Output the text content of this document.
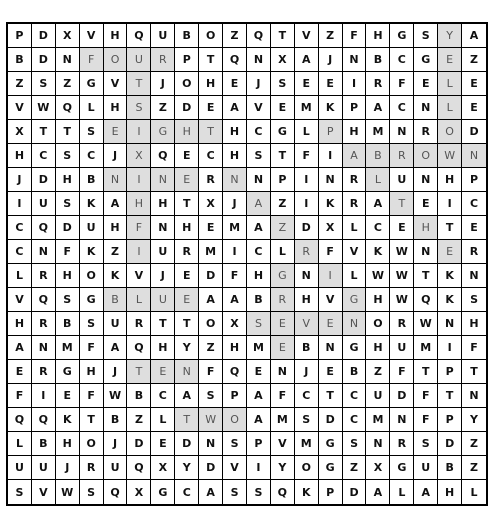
P	D	X	V	H	Q	U	B	O	Z	Q	T	V	Z	F	H	G	S	Y	A
B	D	N	F	O	U	R	P	T	Q	N	X	A	J	N	B	C	G	E	Z
Z	S	Z	G	V	T	J	O	H	E	J	S	E	E	I	R	F	E	L	E
V	W	Q	L	H	S	Z	D	E	A	V	E	M	K	P	A	C	N	L	E
X	T	T	S	E	I	G	H	T	H	C	G	L	P	H	M	N	R	O	D
H	C	S	C	J	X	Q	E	C	H	S	T	F	I	A	B	R	O	W	N
J	D	H	B	N	I	N	E	R	N	N	P	I	N	R	L	U	N	H	P
I	U	S	K	A	H	H	T	X	J	A	Z	I	K	R	A	T	E	I	C
C	Q	D	U	H	F	N	H	E	M	A	Z	D	X	L	C	E	H	T	E
C	N	F	K	Z	I	U	R	M	I	C	L	R	F	V	K	W	N	E	R
L	R	H	O	K	V	J	E	D	F	H	G	N	I	L	W	W	T	K	N
V	Q	S	G	B	L	U	E	A	A	B	R	H	V	G	H	W	Q	K	S
H	R	B	S	U	R	T	T	O	X	S	E	V	E	N	O	R	W	N	H
A	N	M	F	A	Q	H	Y	Z	H	M	E	B	N	G	H	U	M	I	F
E	R	G	H	J	T	E	N	F	Q	E	N	J	E	B	Z	F	T	P	T
F	I	E	F	W	B	C	A	S	P	A	F	C	T	C	U	D	F	T	N
Q	Q	K	T	B	Z	L	T	W	O	A	M	S	D	C	M	N	F	P	Y
L	B	H	O	J	D	E	D	N	S	P	V	M	G	S	N	R	S	D	Z
U	U	J	R	U	Q	X	Y	D	V	I	Y	O	G	Z	X	G	U	B	Z
S	V	W	S	Q	X	G	C	A	S	S	Q	K	P	D	A	L	A	H	L
